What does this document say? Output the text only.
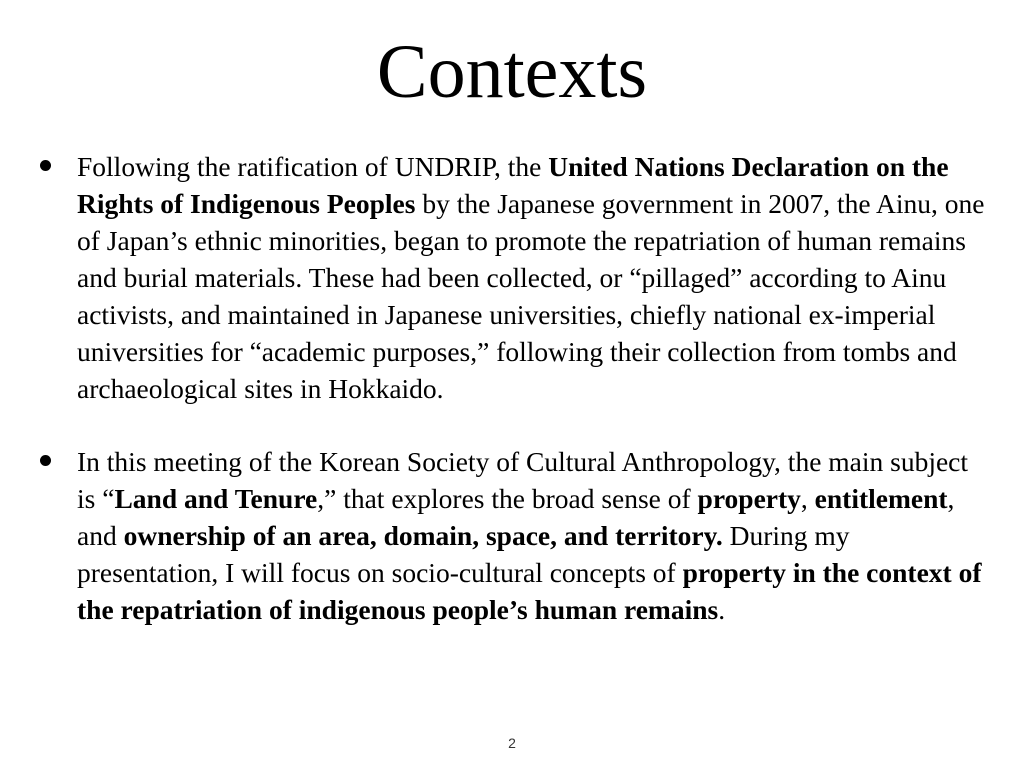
Contexts
Following the ratification of UNDRIP, the United Nations Declaration on the Rights of Indigenous Peoples by the Japanese government in 2007, the Ainu, one of Japan’s ethnic minorities, began to promote the repatriation of human remains and burial materials. These had been collected, or “pillaged” according to Ainu activists, and maintained in Japanese universities, chiefly national ex-imperial universities for “academic purposes,” following their collection from tombs and archaeological sites in Hokkaido.
In this meeting of the Korean Society of Cultural Anthropology, the main subject is “Land and Tenure,” that explores the broad sense of property, entitlement, and ownership of an area, domain, space, and territory. During my presentation, I will focus on socio-cultural concepts of property in the context of the repatriation of indigenous people’s human remains.
2
